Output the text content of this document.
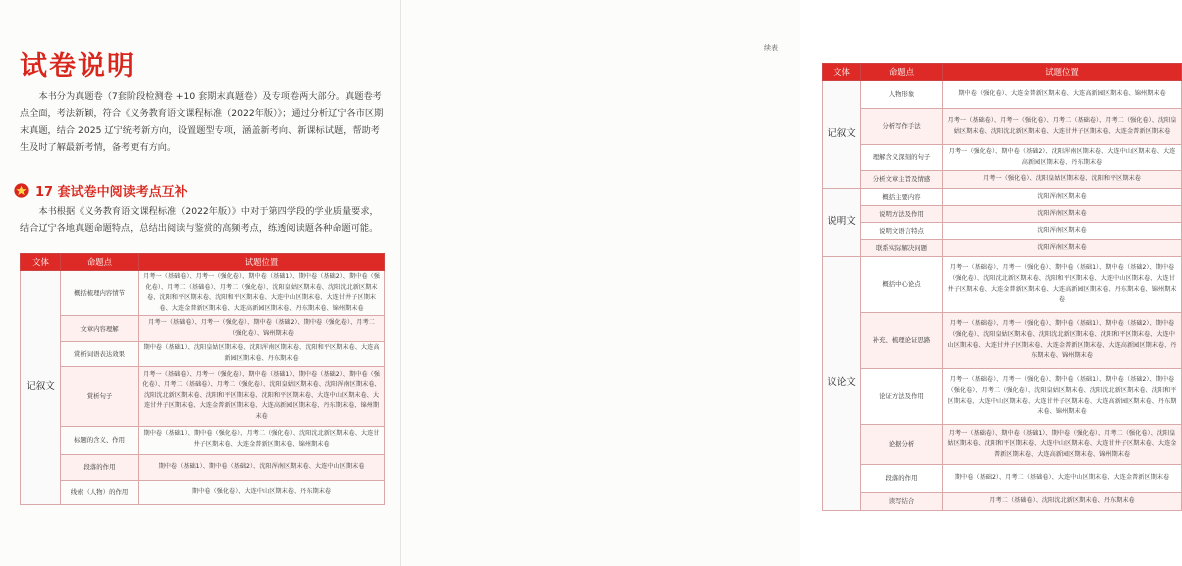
试卷说明
本书分为真题卷（7套阶段检测卷 +10 套期末真题卷）及专项卷两大部分。真题卷考点全面，考法新颖，符合《义务教育语文课程标准（2022年版）》；通过分析辽宁各市区期末真题，结合 2025 辽宁统考新方向，设置题型专项，涵盖新考向、新课标试题，帮助考生及时了解最新考情，备考更有方向。
17 套试卷中阅读考点互补
本书根据《义务教育语文课程标准（2022年版）》中对于第四学段的学业质量要求，结合辽宁各地真题命题特点，总结出阅读与鉴赏的高频考点，练透阅读题各种命题可能。
文体	命题点	试题位置
记叙文	概括梳理内容情节	月考一（基础卷）、月考一（强化卷）、期中卷（基础1）、期中卷（基础2）、期中卷（强化卷）、月考二（基础卷）、月考二（强化卷）、沈阳皇姑区期末卷、沈阳沈北新区期末卷、沈阳和平区期末卷、沈阳和平区期末卷、大连中山区期末卷、大连甘井子区期末卷、大连金普新区期末卷、大连高新园区期末卷、丹东期末卷、锦州期末卷
	文章内容理解	月考一（基础卷）、月考一（强化卷）、期中卷（基础2）、期中卷（强化卷）、月考二（强化卷）、锦州期末卷
	赏析词语表达效果	期中卷（基础1）、沈阳皇姑区期末卷、沈阳浑南区期末卷、沈阳和平区期末卷、大连高新园区期末卷、丹东期末卷
	赏析句子	月考一（基础卷）、月考一（强化卷）、期中卷（基础1）、期中卷（基础2）、期中卷（强化卷）、月考二（基础卷）、月考二（强化卷）、沈阳皇姑区期末卷、沈阳浑南区期末卷、沈阳沈北新区期末卷、沈阳和平区期末卷、沈阳和平区期末卷、大连中山区期末卷、大连甘井子区期末卷、大连金普新区期末卷、大连高新园区期末卷、丹东期末卷、锦州期末卷
	标题的含义、作用	期中卷（基础1）、期中卷（强化卷）、月考二（强化卷）、沈阳沈北新区期末卷、大连甘井子区期末卷、大连金普新区期末卷、锦州期末卷
	段落的作用	期中卷（基础1）、期中卷（基础2）、沈阳浑南区期末卷、大连中山区期末卷
	线索（人物）的作用	期中卷（强化卷）、大连中山区期末卷、丹东期末卷
续表
文体	命题点	试题位置
记叙文	人物形象	期中卷（强化卷）、大连金普新区期末卷、大连高新园区期末卷、锦州期末卷
	分析写作手法	月考一（基础卷）、月考一（强化卷）、月考二（基础卷）、月考二（强化卷）、沈阳皇姑区期末卷、沈阳沈北新区期末卷、大连甘井子区期末卷、大连金普新区期末卷
	理解含义深刻的句子	月考一（强化卷）、期中卷（基础2）、沈阳浑南区期末卷、大连中山区期末卷、大连高新园区期末卷、丹东期末卷
	分析文章主旨及情感	月考一（强化卷）、沈阳皇姑区期末卷、沈阳和平区期末卷
说明文	概括主要内容	沈阳浑南区期末卷
	说明方法及作用	沈阳浑南区期末卷
	说明文语言特点	沈阳浑南区期末卷
	联系实际解决问题	沈阳浑南区期末卷
议论文	概括中心论点	月考一（基础卷）、月考一（强化卷）、期中卷（基础1）、期中卷（基础2）、期中卷（强化卷）、沈阳沈北新区期末卷、沈阳和平区期末卷、大连中山区期末卷、大连甘井子区期末卷、大连金普新区期末卷、大连高新园区期末卷、丹东期末卷、锦州期末卷
	补充、梳理论证思路	月考一（基础卷）、月考一（强化卷）、期中卷（基础1）、期中卷（基础2）、期中卷（强化卷）、沈阳皇姑区期末卷、沈阳沈北新区期末卷、沈阳和平区期末卷、大连中山区期末卷、大连甘井子区期末卷、大连金普新区期末卷、大连高新园区期末卷、丹东期末卷、锦州期末卷
	论证方法及作用	月考一（基础卷）、月考一（强化卷）、期中卷（基础1）、期中卷（基础2）、期中卷（强化卷）、月考二（强化卷）、沈阳皇姑区期末卷、沈阳沈北新区期末卷、沈阳和平区期末卷、大连中山区期末卷、大连甘井子区期末卷、大连高新园区期末卷、丹东期末卷、锦州期末卷
	论据分析	月考一（基础卷）、期中卷（基础1）、期中卷（强化卷）、月考二（强化卷）、沈阳皇姑区期末卷、沈阳和平区期末卷、大连中山区期末卷、大连甘井子区期末卷、大连金普新区期末卷、大连高新园区期末卷、锦州期末卷
	段落的作用	期中卷（基础2）、月考二（基础卷）、大连中山区期末卷、大连金普新区期末卷
	读写结合	月考二（基础卷）、沈阳沈北新区期末卷、丹东期末卷
